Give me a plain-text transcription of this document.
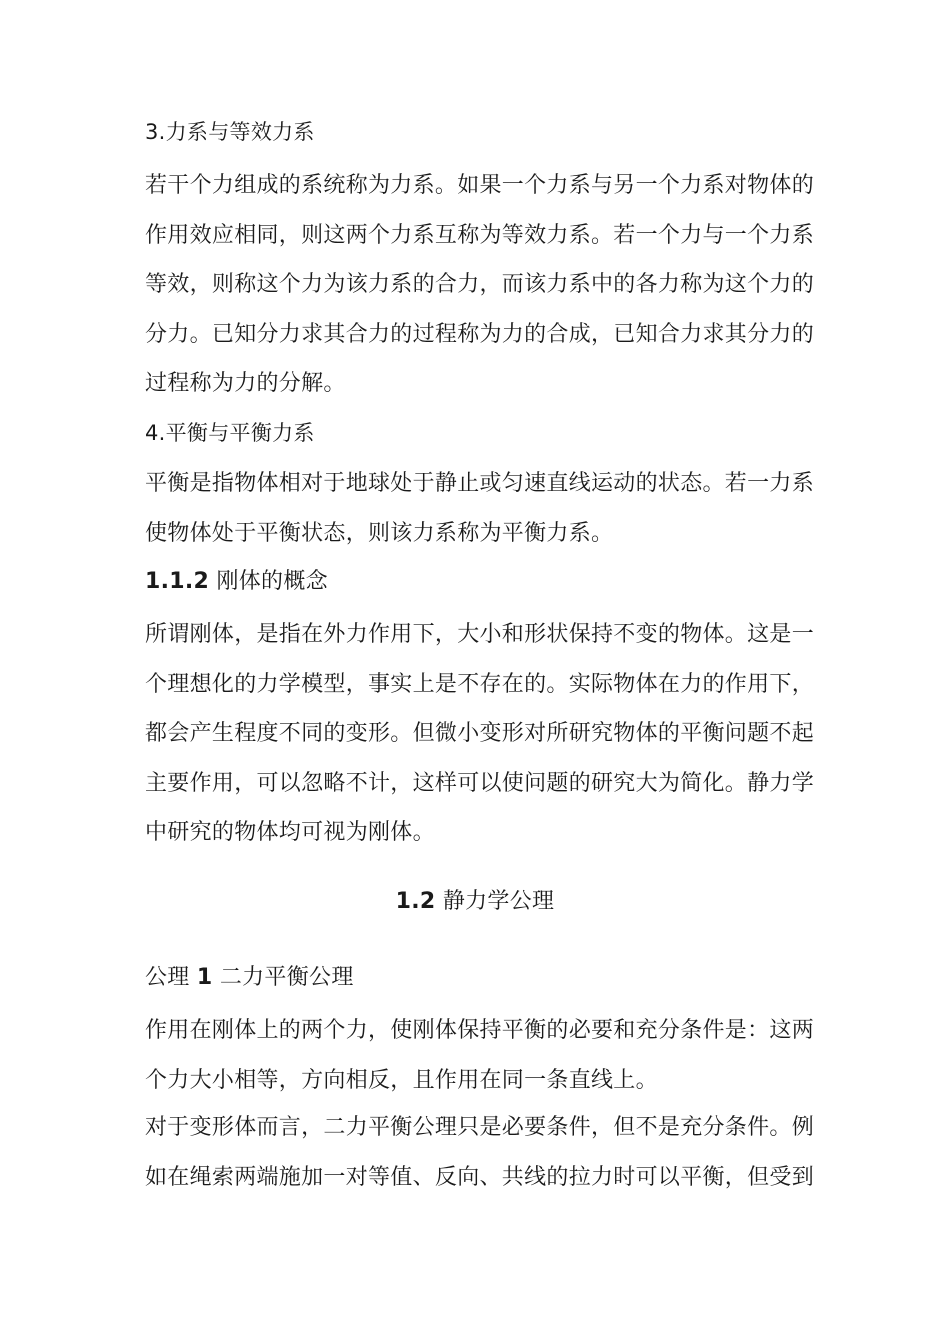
3.力系与等效力系
若干个力组成的系统称为力系。如果一个力系与另一个力系对物体的
作用效应相同，则这两个力系互称为等效力系。若一个力与一个力系
等效，则称这个力为该力系的合力，而该力系中的各力称为这个力的
分力。已知分力求其合力的过程称为力的合成，已知合力求其分力的
过程称为力的分解。
4.平衡与平衡力系
平衡是指物体相对于地球处于静止或匀速直线运动的状态。若一力系
使物体处于平衡状态，则该力系称为平衡力系。
1.1.2 刚体的概念
所谓刚体，是指在外力作用下，大小和形状保持不变的物体。这是一
个理想化的力学模型，事实上是不存在的。实际物体在力的作用下，
都会产生程度不同的变形。但微小变形对所研究物体的平衡问题不起
主要作用，可以忽略不计，这样可以使问题的研究大为简化。静力学
中研究的物体均可视为刚体。
1.2 静力学公理
公理 1 二力平衡公理
作用在刚体上的两个力，使刚体保持平衡的必要和充分条件是：这两
个力大小相等，方向相反，且作用在同一条直线上。
对于变形体而言，二力平衡公理只是必要条件，但不是充分条件。例
如在绳索两端施加一对等值、反向、共线的拉力时可以平衡，但受到
